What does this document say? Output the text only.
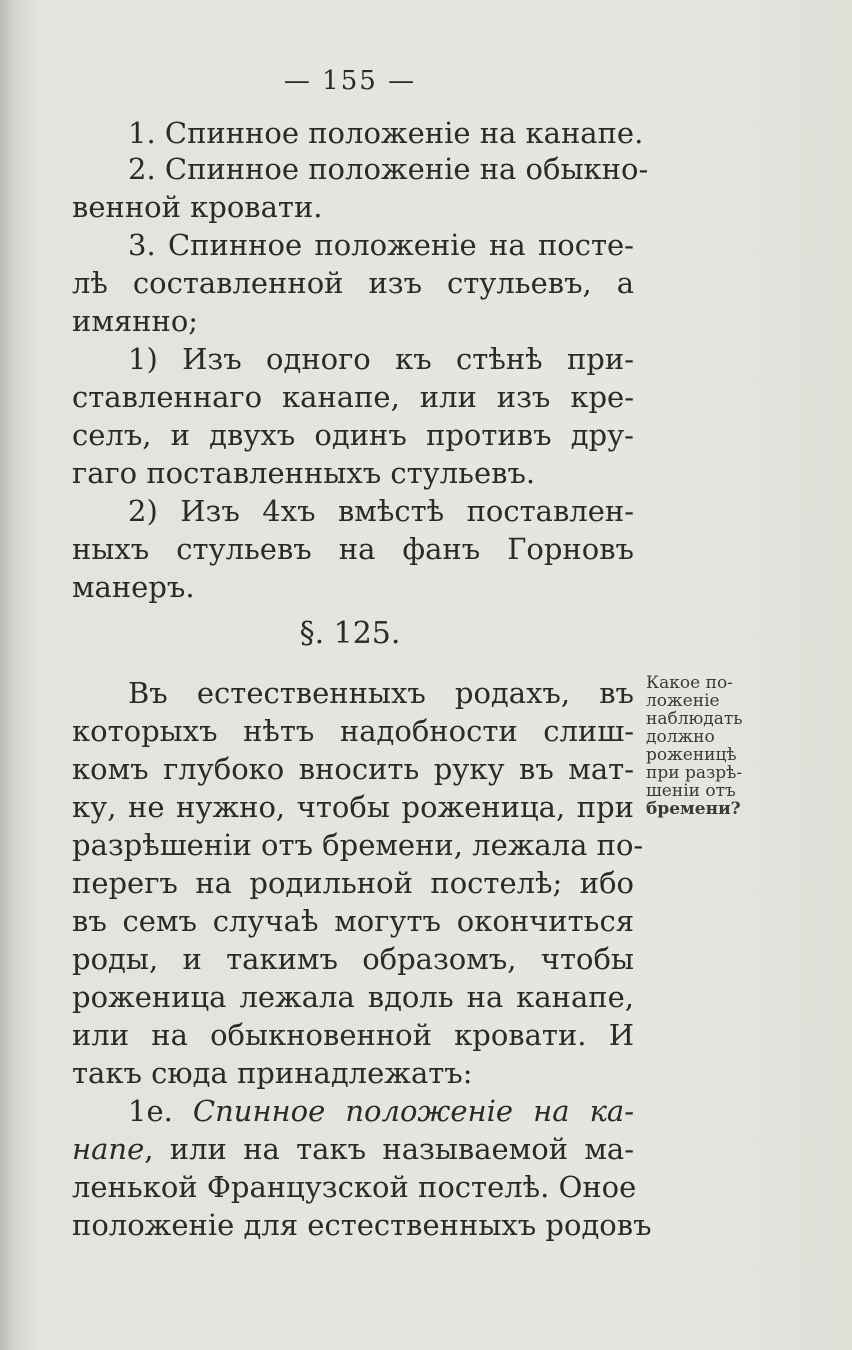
— 155 —
1. Спинное положеніе на канапе.
2. Спинное положеніе на обыкно-
венной кровати.
3. Спинное положеніе на посте-
лѣ составленной изъ стульевъ, а
имянно;
1) Изъ одного къ стѣнѣ при-
ставленнаго канапе, или изъ кре-
селъ, и двухъ одинъ противъ дру-
гаго поставленныхъ стульевъ.
2) Изъ 4хъ вмѣстѣ поставлен-
ныхъ стульевъ на фанъ Горновъ
манеръ.
§. 125.
Въ естественныхъ родахъ, въ
которыхъ нѣтъ надобности слиш-
комъ глубоко вносить руку въ мат-
ку, не нужно, чтобы роженица, при
разрѣшеніи отъ бремени, лежала по-
перегъ на родильной постелѣ; ибо
въ семъ случаѣ могутъ окончиться
роды, и такимъ образомъ, чтобы
роженица лежала вдоль на канапе,
или на обыкновенной кровати. И
такъ сюда принадлежатъ:
1е. Спинное положеніе на ка-
напе, или на такъ называемой ма-
ленькой Французской постелѣ. Оное
положеніе для естественныхъ родовъ
Какое по-
ложеніе
наблюдать
должно
роженицѣ
при разрѣ-
шеніи отъ
бремени?
